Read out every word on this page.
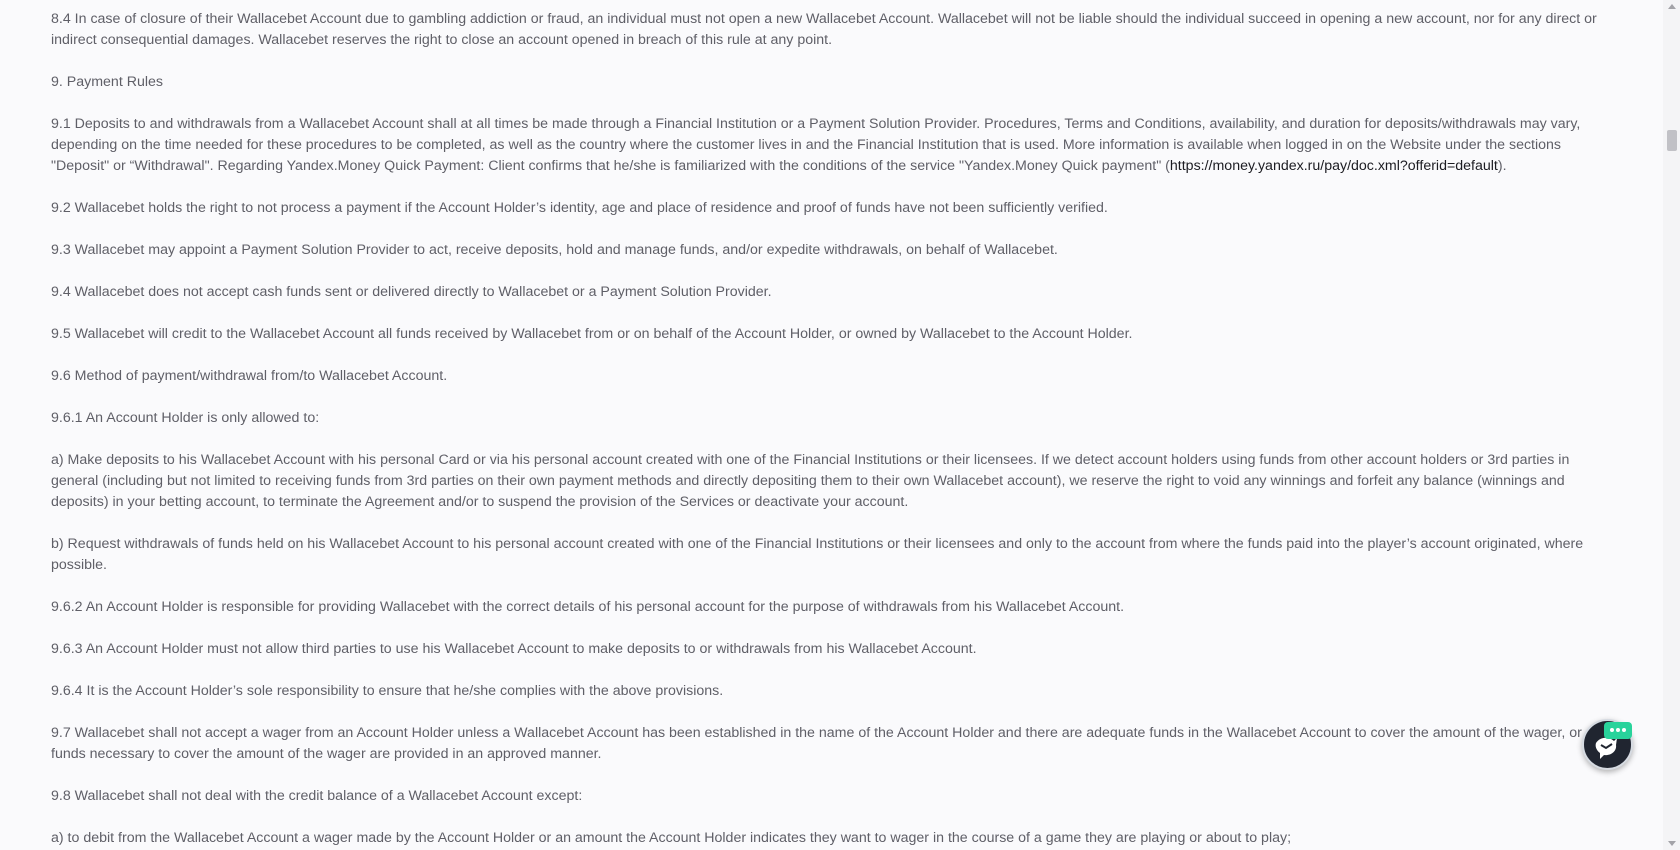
8.4 In case of closure of their Wallacebet Account due to gambling addiction or fraud, an individual must not open a new Wallacebet Account. Wallacebet will not be liable should the individual succeed in opening a new account, nor for any direct or indirect consequential damages. Wallacebet reserves the right to close an account opened in breach of this rule at any point.

9. Payment Rules

9.1 Deposits to and withdrawals from a Wallacebet Account shall at all times be made through a Financial Institution or a Payment Solution Provider. Procedures, Terms and Conditions, availability, and duration for deposits/withdrawals may vary, depending on the time needed for these procedures to be completed, as well as the country where the customer lives in and the Financial Institution that is used. More information is available when logged in on the Website under the sections "Deposit" or “Withdrawal". Regarding Yandex.Money Quick Payment: Client confirms that he/she is familiarized with the conditions of the service "Yandex.Money Quick payment" (https://money.yandex.ru/pay/doc.xml?offerid=default).

9.2 Wallacebet holds the right to not process a payment if the Account Holder’s identity, age and place of residence and proof of funds have not been sufficiently verified.

9.3 Wallacebet may appoint a Payment Solution Provider to act, receive deposits, hold and manage funds, and/or expedite withdrawals, on behalf of Wallacebet.

9.4 Wallacebet does not accept cash funds sent or delivered directly to Wallacebet or a Payment Solution Provider.

9.5 Wallacebet will credit to the Wallacebet Account all funds received by Wallacebet from or on behalf of the Account Holder, or owned by Wallacebet to the Account Holder.

9.6 Method of payment/withdrawal from/to Wallacebet Account.

9.6.1 An Account Holder is only allowed to:

a) Make deposits to his Wallacebet Account with his personal Card or via his personal account created with one of the Financial Institutions or their licensees. If we detect account holders using funds from other account holders or 3rd parties in general (including but not limited to receiving funds from 3rd parties on their own payment methods and directly depositing them to their own Wallacebet account), we reserve the right to void any winnings and forfeit any balance (winnings and deposits) in your betting account, to terminate the Agreement and/or to suspend the provision of the Services or deactivate your account.

b) Request withdrawals of funds held on his Wallacebet Account to his personal account created with one of the Financial Institutions or their licensees and only to the account from where the funds paid into the player’s account originated, where possible.

9.6.2 An Account Holder is responsible for providing Wallacebet with the correct details of his personal account for the purpose of withdrawals from his Wallacebet Account.

9.6.3 An Account Holder must not allow third parties to use his Wallacebet Account to make deposits to or withdrawals from his Wallacebet Account.

9.6.4 It is the Account Holder’s sole responsibility to ensure that he/she complies with the above provisions.

9.7 Wallacebet shall not accept a wager from an Account Holder unless a Wallacebet Account has been established in the name of the Account Holder and there are adequate funds in the Wallacebet Account to cover the amount of the wager, or funds necessary to cover the amount of the wager are provided in an approved manner.

9.8 Wallacebet shall not deal with the credit balance of a Wallacebet Account except:

a) to debit from the Wallacebet Account a wager made by the Account Holder or an amount the Account Holder indicates they want to wager in the course of a game they are playing or about to play;
